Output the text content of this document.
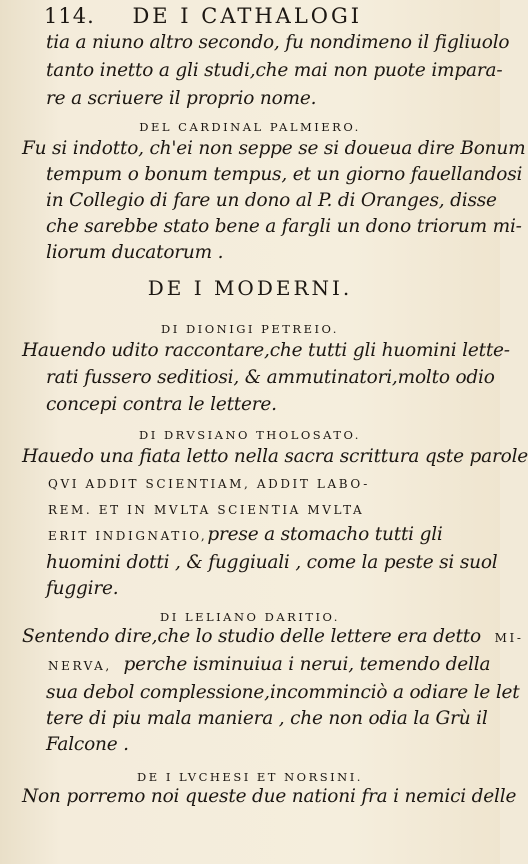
114. DE I CATHALOGI
tia a niuno altro secondo, fu nondimeno il figliuolo
tanto inetto a gli studi,che mai non puote impara-
re a scriuere il proprio nome.
DEL CARDINAL PALMIERO.
Fu si indotto, ch'ei non seppe se si doueua dire Bonum
tempum o bonum tempus, et un giorno fauellandosi
in Collegio di fare un dono al P. di Oranges, disse
che sarebbe stato bene a fargli un dono triorum mi-
liorum ducatorum .
DE I MODERNI.
DI DIONIGI PETREIO.
Hauendo udito raccontare,che tutti gli huomini lette-
rati fussero seditiosi, & ammutinatori,molto odio
concepi contra le lettere.
DI DRVSIANO THOLOSATO.
Hauedo una fiata letto nella sacra scrittura qste parole
QVI ADDIT SCIENTIAM, ADDIT LABO-
REM. ET IN MVLTA SCIENTIA MVLTA
ERIT INDIGNATIO,prese a stomacho tutti gli
huomini dotti , & fuggiuali , come la peste si suol
fuggire.
DI LELIANO DARITIO.
Sentendo dire,che lo studio delle lettere era detto MI-
NERVA, perche isminuiua i nerui, temendo della
sua debol complessione,incomminciò a odiare le let
tere di piu mala maniera , che non odia la Grù il
Falcone .
DE I LVCHESI ET NORSINI.
Non porremo noi queste due nationi fra i nemici delle
